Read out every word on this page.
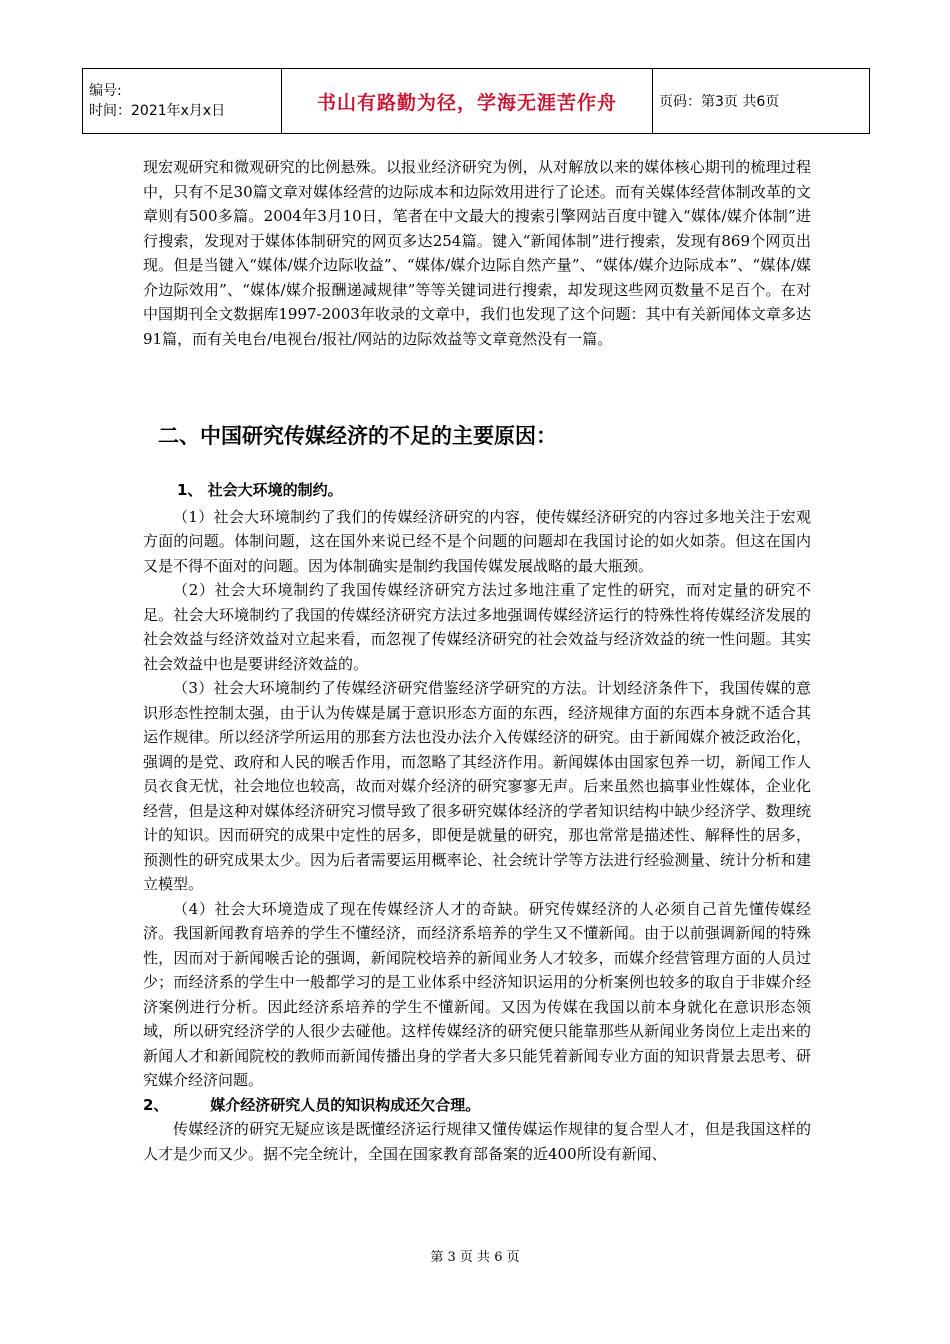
编号:
时间：2021年x月x日	书山有路勤为径，学海无涯苦作舟	页码：第3页 共6页

现宏观研究和微观研究的比例悬殊。以报业经济研究为例，从对解放以来的媒体核心期刊的梳理过程中，只有不足30篇文章对媒体经营的边际成本和边际效用进行了论述。而有关媒体经营体制改革的文章则有500多篇。2004年3月10日，笔者在中文最大的搜索引擎网站百度中键入“媒体/媒介体制”进行搜索，发现对于媒体体制研究的网页多达254篇。键入“新闻体制”进行搜索，发现有869个网页出现。但是当键入“媒体/媒介边际收益”、“媒体/媒介边际自然产量”、“媒体/媒介边际成本”、“媒体/媒介边际效用”、“媒体/媒介报酬递减规律”等等关键词进行搜索，却发现这些网页数量不足百个。在对中国期刊全文数据库1997-2003年收录的文章中，我们也发现了这个问题：其中有关新闻体文章多达91篇，而有关电台/电视台/报社/网站的边际效益等文章竟然没有一篇。

二、中国研究传媒经济的不足的主要原因：

1、 社会大环境的制约。

（1）社会大环境制约了我们的传媒经济研究的内容，使传媒经济研究的内容过多地关注于宏观方面的问题。体制问题，这在国外来说已经不是个问题的问题却在我国讨论的如火如荼。但这在国内又是不得不面对的问题。因为体制确实是制约我国传媒发展战略的最大瓶颈。

（2）社会大环境制约了我国传媒经济研究方法过多地注重了定性的研究，而对定量的研究不足。社会大环境制约了我国的传媒经济研究方法过多地强调传媒经济运行的特殊性将传媒经济发展的社会效益与经济效益对立起来看，而忽视了传媒经济研究的社会效益与经济效益的统一性问题。其实社会效益中也是要讲经济效益的。

（3）社会大环境制约了传媒经济研究借鉴经济学研究的方法。计划经济条件下，我国传媒的意识形态性控制太强，由于认为传媒是属于意识形态方面的东西，经济规律方面的东西本身就不适合其运作规律。所以经济学所运用的那套方法也没办法介入传媒经济的研究。由于新闻媒介被泛政治化，强调的是党、政府和人民的喉舌作用，而忽略了其经济作用。新闻媒体由国家包养一切，新闻工作人员衣食无忧，社会地位也较高，故而对媒介经济的研究寥寥无声。后来虽然也搞事业性媒体，企业化经营，但是这种对媒体经济研究习惯导致了很多研究媒体经济的学者知识结构中缺少经济学、数理统计的知识。因而研究的成果中定性的居多，即便是就量的研究，那也常常是描述性、解释性的居多，预测性的研究成果太少。因为后者需要运用概率论、社会统计学等方法进行经验测量、统计分析和建立模型。

（4）社会大环境造成了现在传媒经济人才的奇缺。研究传媒经济的人必须自己首先懂传媒经济。我国新闻教育培养的学生不懂经济，而经济系培养的学生又不懂新闻。由于以前强调新闻的特殊性，因而对于新闻喉舌论的强调，新闻院校培养的新闻业务人才较多，而媒介经营管理方面的人员过少；而经济系的学生中一般都学习的是工业体系中经济知识运用的分析案例也较多的取自于非媒介经济案例进行分析。因此经济系培养的学生不懂新闻。又因为传媒在我国以前本身就化在意识形态领域，所以研究经济学的人很少去碰他。这样传媒经济的研究便只能靠那些从新闻业务岗位上走出来的新闻人才和新闻院校的教师而新闻传播出身的学者大多只能凭着新闻专业方面的知识背景去思考、研究媒介经济问题。

2、        媒介经济研究人员的知识构成还欠合理。

传媒经济的研究无疑应该是既懂经济运行规律又懂传媒运作规律的复合型人才，但是我国这样的人才是少而又少。据不完全统计，全国在国家教育部备案的近400所设有新闻、

第 3 页 共 6 页
